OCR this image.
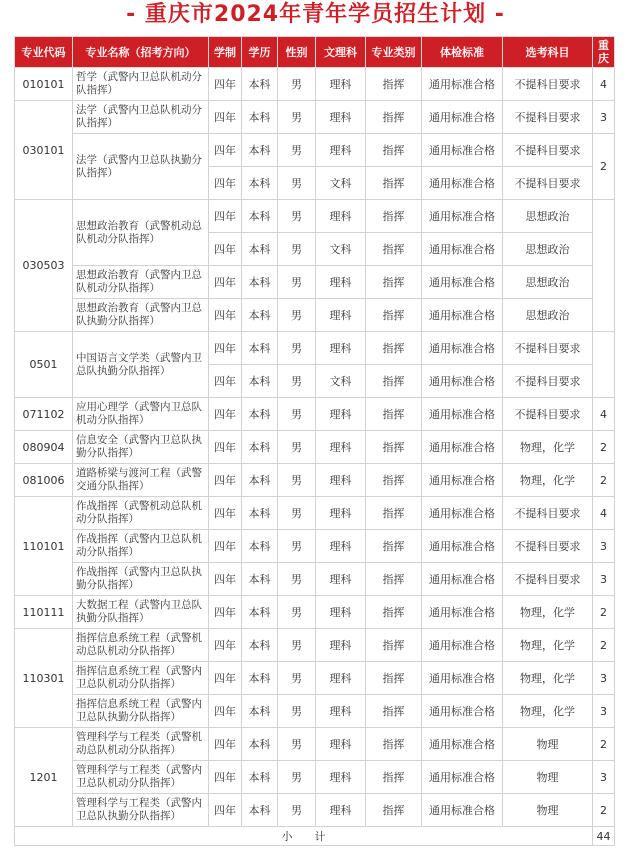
- 重庆市2024年青年学员招生计划 -
专业代码	专业名称（招考方向）	学制	学历	性别	文理科	专业类别	体检标准	选考科目	重庆
010101	哲学（武警内卫总队机动分队指挥）	四年	本科	男	理科	指挥	通用标准合格	不提科目要求	4
030101	法学（武警内卫总队机动分队指挥）	四年	本科	男	理科	指挥	通用标准合格	不提科目要求	3
	法学（武警内卫总队执勤分队指挥）	四年	本科	男	理科	指挥	通用标准合格	不提科目要求	2
		四年	本科	男	文科	指挥	通用标准合格	不提科目要求	
030503	思想政治教育（武警机动总队机动分队指挥）	四年	本科	男	理科	指挥	通用标准合格	思想政治	
		四年	本科	男	文科	指挥	通用标准合格	思想政治	
	思想政治教育（武警内卫总队机动分队指挥）	四年	本科	男	理科	指挥	通用标准合格	思想政治	
	思想政治教育（武警内卫总队执勤分队指挥）	四年	本科	男	理科	指挥	通用标准合格	思想政治	
0501	中国语言文学类（武警内卫总队执勤分队指挥）	四年	本科	男	理科	指挥	通用标准合格	不提科目要求	
		四年	本科	男	文科	指挥	通用标准合格	不提科目要求	
071102	应用心理学（武警内卫总队机动分队指挥）	四年	本科	男	理科	指挥	通用标准合格	不提科目要求	4
080904	信息安全（武警内卫总队执勤分队指挥）	四年	本科	男	理科	指挥	通用标准合格	物理，化学	2
081006	道路桥梁与渡河工程（武警交通分队指挥）	四年	本科	男	理科	指挥	通用标准合格	物理，化学	2
110101	作战指挥（武警机动总队机动分队指挥）	四年	本科	男	理科	指挥	通用标准合格	不提科目要求	4
	作战指挥（武警内卫总队机动分队指挥）	四年	本科	男	理科	指挥	通用标准合格	不提科目要求	3
	作战指挥（武警内卫总队执勤分队指挥）	四年	本科	男	理科	指挥	通用标准合格	不提科目要求	3
110111	大数据工程（武警内卫总队执勤分队指挥）	四年	本科	男	理科	指挥	通用标准合格	物理，化学	2
110301	指挥信息系统工程（武警机动总队机动分队指挥）	四年	本科	男	理科	指挥	通用标准合格	物理，化学	2
	指挥信息系统工程（武警内卫总队机动分队指挥）	四年	本科	男	理科	指挥	通用标准合格	物理，化学	3
	指挥信息系统工程（武警内卫总队执勤分队指挥）	四年	本科	男	理科	指挥	通用标准合格	物理，化学	3
1201	管理科学与工程类（武警机动总队机动分队指挥）	四年	本科	男	理科	指挥	通用标准合格	物理	2
	管理科学与工程类（武警内卫总队机动分队指挥）	四年	本科	男	理科	指挥	通用标准合格	物理	3
	管理科学与工程类（武警内卫总队执勤分队指挥）	四年	本科	男	理科	指挥	通用标准合格	物理	2
小　　计									44
